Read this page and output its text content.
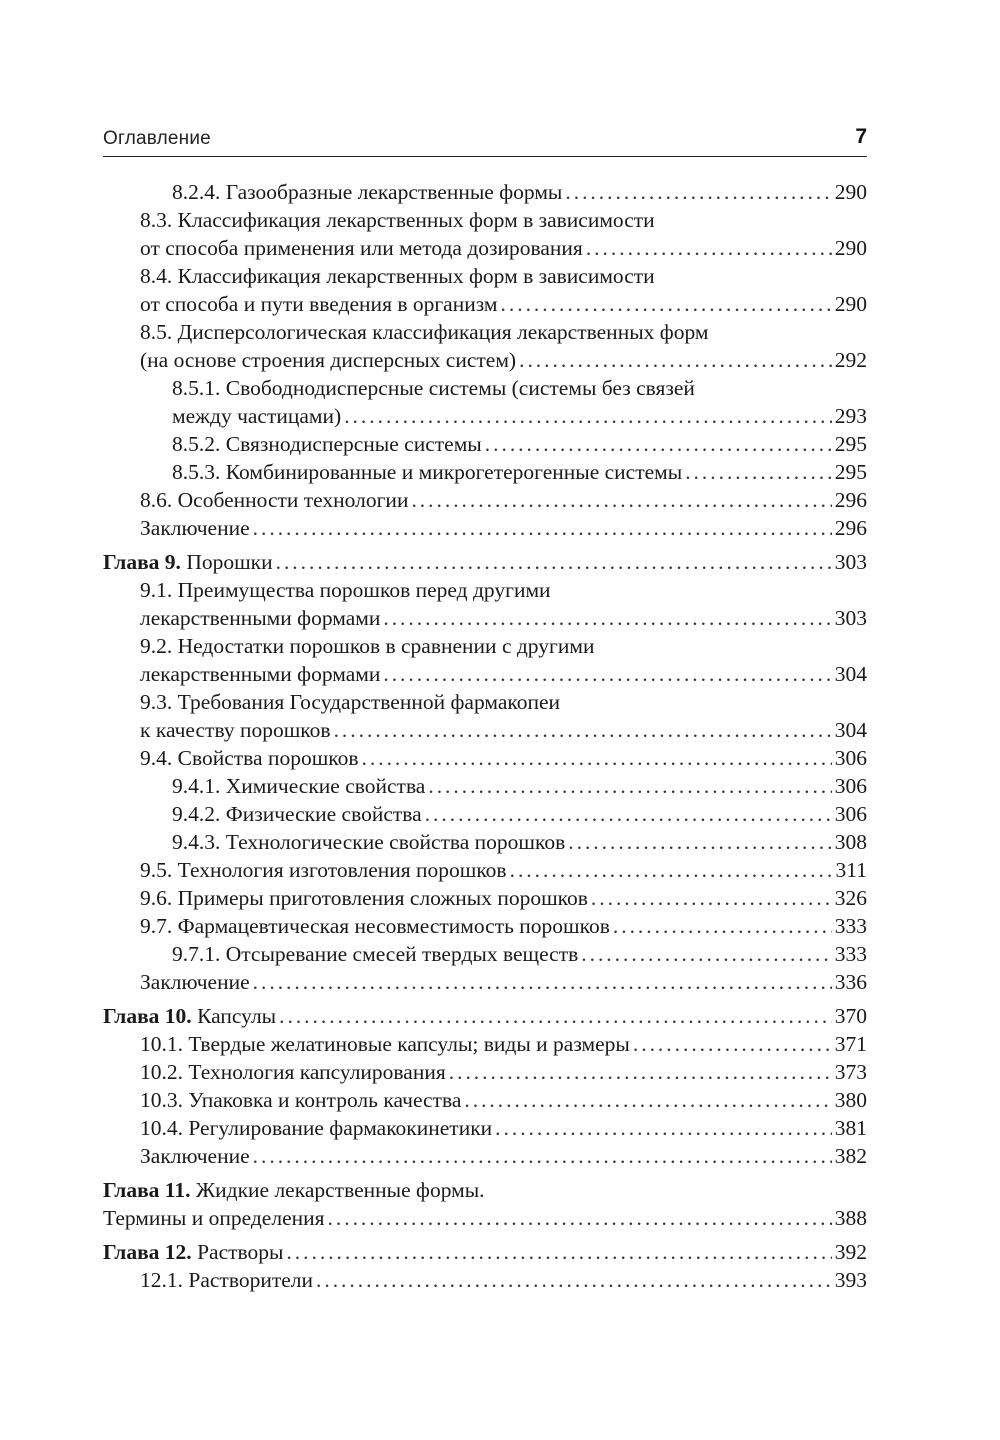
Оглавление	7
8.2.4. Газообразные лекарственные формы . . .	290
8.3. Классификация лекарственных форм в зависимости
от способа применения или метода дозирования . . .	290
8.4. Классификация лекарственных форм в зависимости
от способа и пути введения в организм . . .	290
8.5. Дисперсологическая классификация лекарственных форм
(на основе строения дисперсных систем) . . .	292
8.5.1. Свободнодисперсные системы (системы без связей
между частицами) . . .	293
8.5.2. Связнодисперсные системы . . .	295
8.5.3. Комбинированные и микрогетерогенные системы . . .	295
8.6. Особенности технологии . . .	296
Заключение . . .	296
Глава 9. Порошки . . .	303
9.1. Преимущества порошков перед другими
лекарственными формами . . .	303
9.2. Недостатки порошков в сравнении с другими
лекарственными формами . . .	304
9.3. Требования Государственной фармакопеи
к качеству порошков . . .	304
9.4. Свойства порошков . . .	306
9.4.1. Химические свойства . . .	306
9.4.2. Физические свойства . . .	306
9.4.3. Технологические свойства порошков . . .	308
9.5. Технология изготовления порошков . . .	311
9.6. Примеры приготовления сложных порошков . . .	326
9.7. Фармацевтическая несовместимость порошков . . .	333
9.7.1. Отсыревание смесей твердых веществ . . .	333
Заключение . . .	336
Глава 10. Капсулы . . .	370
10.1. Твердые желатиновые капсулы; виды и размеры . . .	371
10.2. Технология капсулирования . . .	373
10.3. Упаковка и контроль качества . . .	380
10.4. Регулирование фармакокинетики . . .	381
Заключение . . .	382
Глава 11. Жидкие лекарственные формы.
Термины и определения . . .	388
Глава 12. Растворы . . .	392
12.1. Растворители . . .	393
